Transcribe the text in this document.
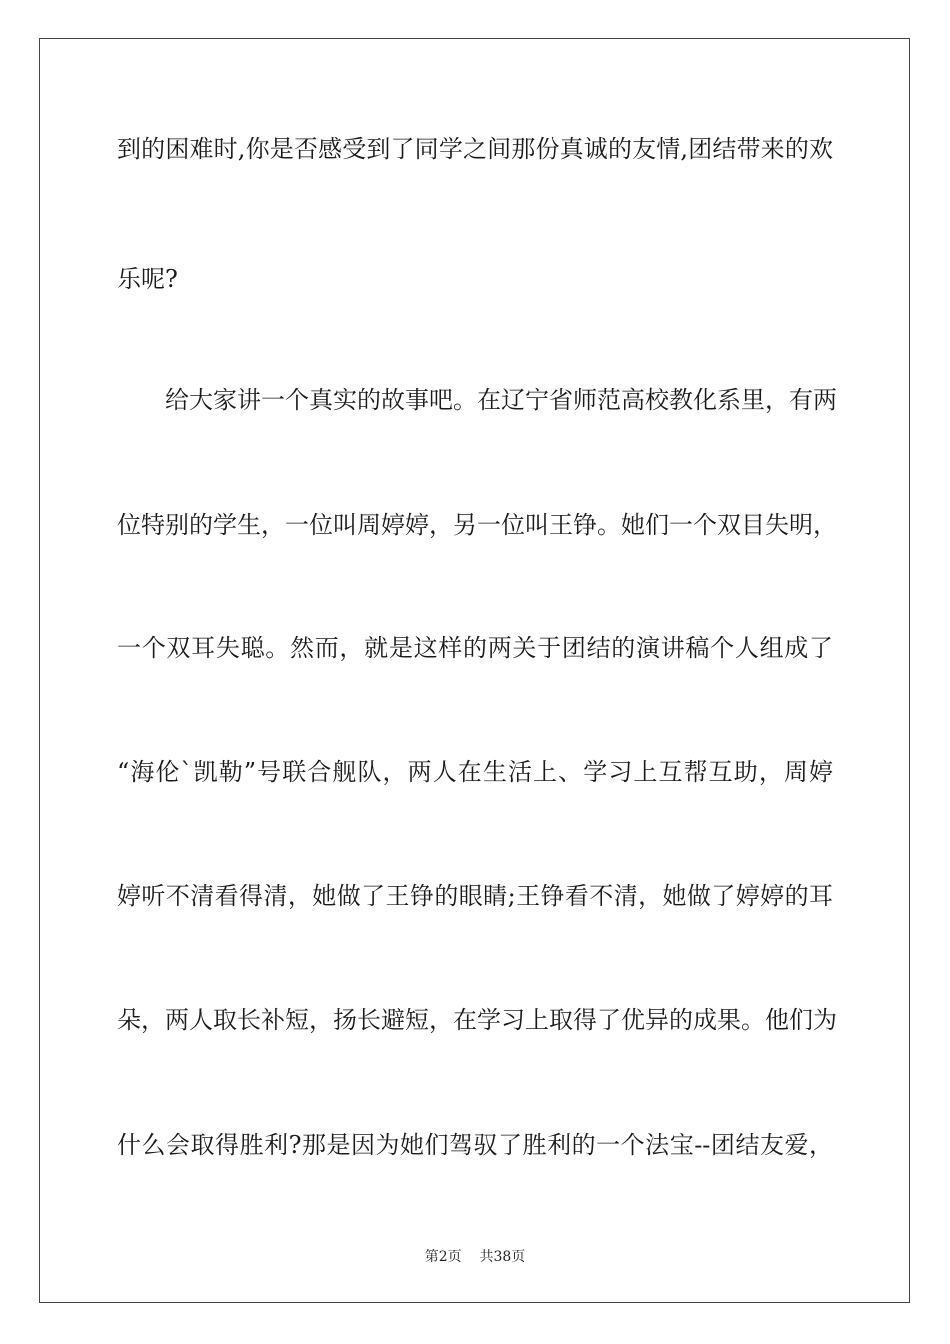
到的困难时,你是否感受到了同学之间那份真诚的友情,团结带来的欢
乐呢?
　　给大家讲一个真实的故事吧。在辽宁省师范高校教化系里，有两
位特别的学生，一位叫周婷婷，另一位叫王铮。她们一个双目失明，
一个双耳失聪。然而，就是这样的两关于团结的演讲稿个人组成了
“海伦`凯勒”号联合舰队，两人在生活上、学习上互帮互助，周婷
婷听不清看得清，她做了王铮的眼睛;王铮看不清，她做了婷婷的耳
朵，两人取长补短，扬长避短，在学习上取得了优异的成果。他们为
什么会取得胜利?那是因为她们驾驭了胜利的一个法宝--团结友爱，
第2页    共38页
